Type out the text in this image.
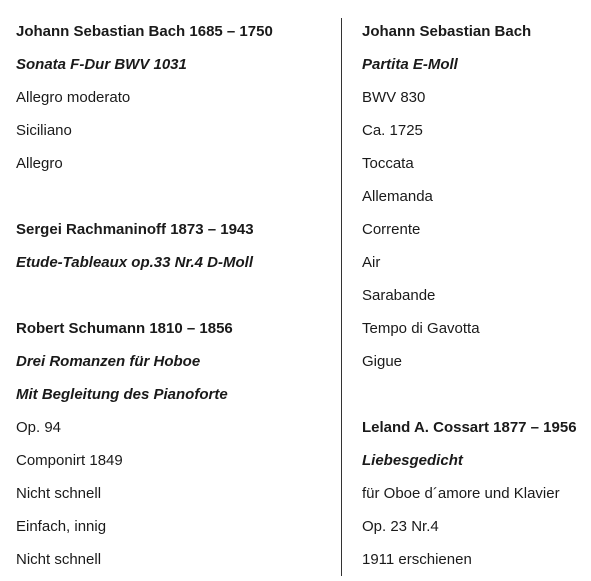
Johann Sebastian Bach 1685 – 1750
Sonata F-Dur BWV 1031
Allegro moderato
Siciliano
Allegro
Sergei Rachmaninoff 1873 – 1943
Etude-Tableaux op.33 Nr.4 D-Moll
Robert Schumann 1810 – 1856
Drei Romanzen für Hoboe
Mit Begleitung des Pianoforte
Op. 94
Componirt 1849
Nicht schnell
Einfach, innig
Nicht schnell
Johann Sebastian Bach
Partita E-Moll
BWV 830
Ca. 1725
Toccata
Allemanda
Corrente
Air
Sarabande
Tempo di Gavotta
Gigue
Leland A. Cossart 1877 – 1956
Liebesgedicht
für Oboe d´amore und Klavier
Op. 23 Nr.4
1911 erschienen
